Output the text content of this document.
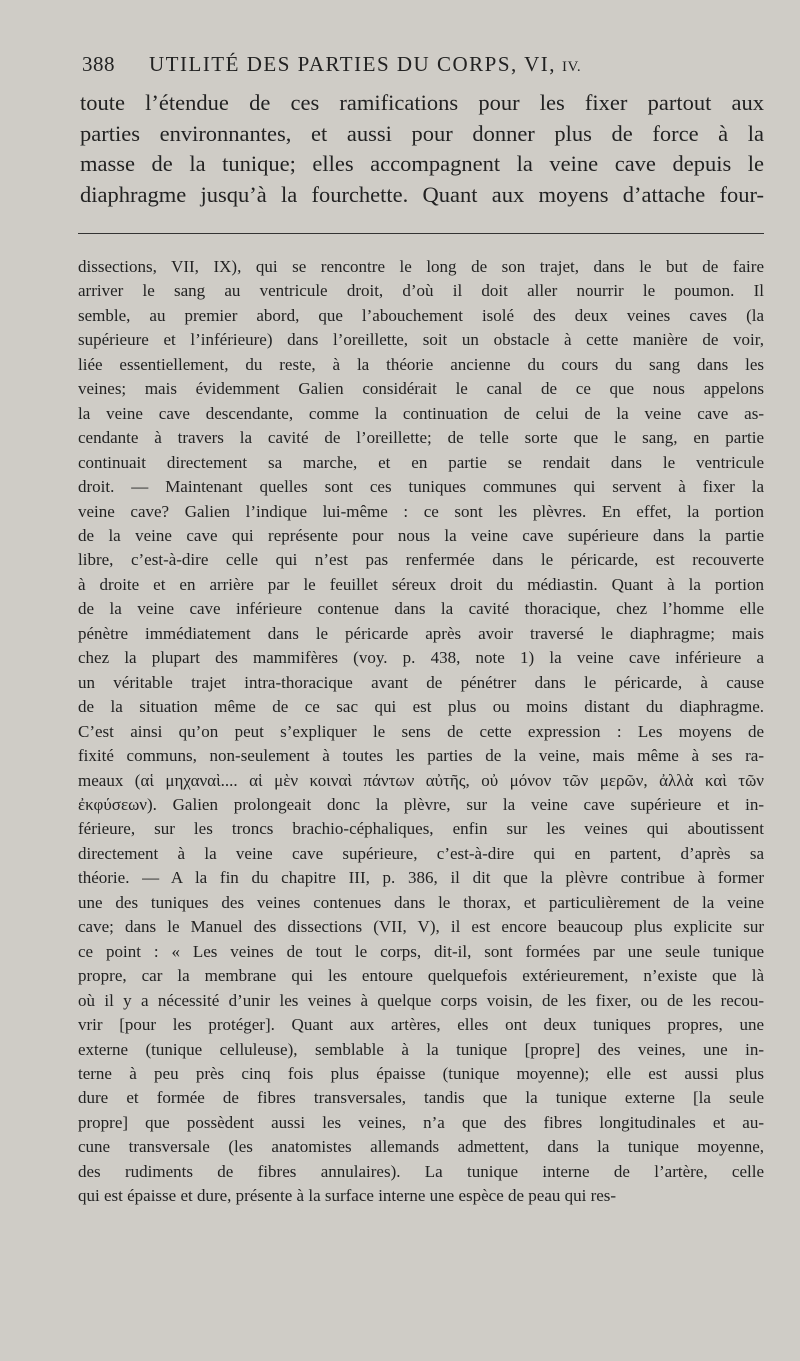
388 UTILITÉ DES PARTIES DU CORPS, VI, IV.

toute l’étendue de ces ramifications pour les fixer partout aux

parties environnantes, et aussi pour donner plus de force à la

masse de la tunique; elles accompagnent la veine cave depuis le

diaphragme jusqu’à la fourchette. Quant aux moyens d’attache four-

dissections, VII, IX), qui se rencontre le long de son trajet, dans le but de faire
arriver le sang au ventricule droit, d’où il doit aller nourrir le poumon. Il
semble, au premier abord, que l’abouchement isolé des deux veines caves (la
supérieure et l’inférieure) dans l’oreillette, soit un obstacle à cette manière de voir,
liée essentiellement, du reste, à la théorie ancienne du cours du sang dans les
veines; mais évidemment Galien considérait le canal de ce que nous appelons
la veine cave descendante, comme la continuation de celui de la veine cave as-
cendante à travers la cavité de l’oreillette; de telle sorte que le sang, en partie
continuait directement sa marche, et en partie se rendait dans le ventricule
droit. — Maintenant quelles sont ces tuniques communes qui servent à fixer la
veine cave? Galien l’indique lui-même : ce sont les plèvres. En effet, la portion
de la veine cave qui représente pour nous la veine cave supérieure dans la partie
libre, c’est-à-dire celle qui n’est pas renfermée dans le péricarde, est recouverte
à droite et en arrière par le feuillet séreux droit du médiastin. Quant à la portion
de la veine cave inférieure contenue dans la cavité thoracique, chez l’homme elle
pénètre immédiatement dans le péricarde après avoir traversé le diaphragme; mais
chez la plupart des mammifères (voy. p. 438, note 1) la veine cave inférieure a
un véritable trajet intra-thoracique avant de pénétrer dans le péricarde, à cause
de la situation même de ce sac qui est plus ou moins distant du diaphragme.
C’est ainsi qu’on peut s’expliquer le sens de cette expression : Les moyens de
fixité communs, non-seulement à toutes les parties de la veine, mais même à ses ra-
meaux (αἱ μηχαναὶ.... αἱ μὲν κοιναὶ πάντων αὐτῆς, οὐ μόνον τῶν μερῶν, ἀλλὰ καὶ τῶν
ἐκφύσεων). Galien prolongeait donc la plèvre, sur la veine cave supérieure et in-
férieure, sur les troncs brachio-céphaliques, enfin sur les veines qui aboutissent
directement à la veine cave supérieure, c’est-à-dire qui en partent, d’après sa
théorie. — A la fin du chapitre III, p. 386, il dit que la plèvre contribue à former
une des tuniques des veines contenues dans le thorax, et particulièrement de la veine
cave; dans le Manuel des dissections (VII, V), il est encore beaucoup plus explicite sur
ce point : « Les veines de tout le corps, dit-il, sont formées par une seule tunique
propre, car la membrane qui les entoure quelquefois extérieurement, n’existe que là
où il y a nécessité d’unir les veines à quelque corps voisin, de les fixer, ou de les recou-
vrir [pour les protéger]. Quant aux artères, elles ont deux tuniques propres, une
externe (tunique celluleuse), semblable à la tunique [propre] des veines, une in-
terne à peu près cinq fois plus épaisse (tunique moyenne); elle est aussi plus
dure et formée de fibres transversales, tandis que la tunique externe [la seule
propre] que possèdent aussi les veines, n’a que des fibres longitudinales et au-
cune transversale (les anatomistes allemands admettent, dans la tunique moyenne,
des rudiments de fibres annulaires). La tunique interne de l’artère, celle
qui est épaisse et dure, présente à la surface interne une espèce de peau qui res-
